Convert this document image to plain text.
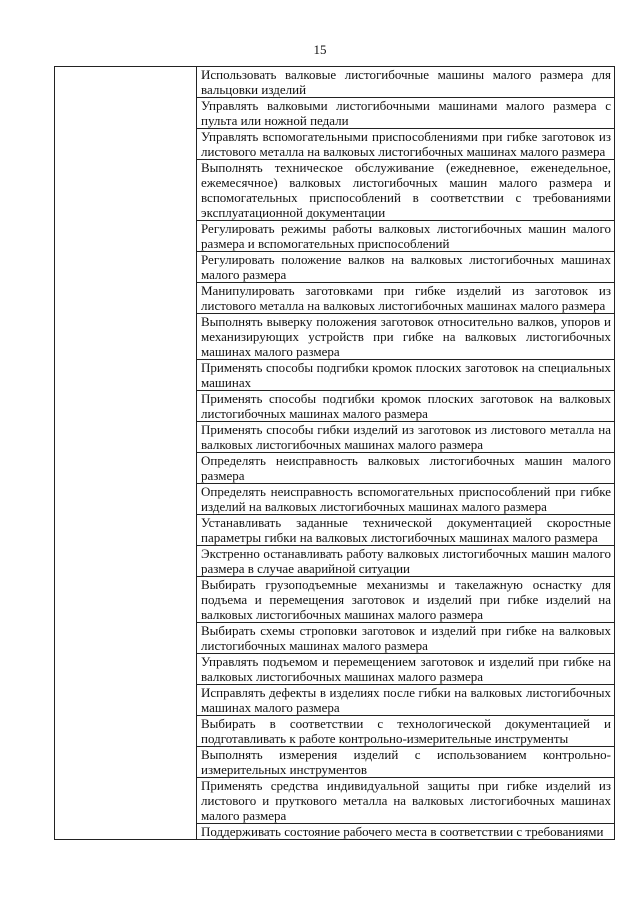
15
	Использовать валковые листогибочные машины малого размера для вальцовки изделий
Управлять валковыми листогибочными машинами малого размера с пульта или ножной педали
Управлять вспомогательными приспособлениями при гибке заготовок из листового металла на валковых листогибочных машинах малого размера
Выполнять техническое обслуживание (ежедневное, еженедельное, ежемесячное) валковых листогибочных машин малого размера и вспомогательных приспособлений в соответствии с требованиями эксплуатационной документации
Регулировать режимы работы валковых листогибочных машин малого размера и вспомогательных приспособлений
Регулировать положение валков на валковых листогибочных машинах малого размера
Манипулировать заготовками при гибке изделий из заготовок из листового металла на валковых листогибочных машинах малого размера
Выполнять выверку положения заготовок относительно валков, упоров и механизирующих устройств при гибке на валковых листогибочных машинах малого размера
Применять способы подгибки кромок плоских заготовок на специальных машинах
Применять способы подгибки кромок плоских заготовок на валковых листогибочных машинах малого размера
Применять способы гибки изделий из заготовок из листового металла на валковых листогибочных машинах малого размера
Определять неисправность валковых листогибочных машин малого размера
Определять неисправность вспомогательных приспособлений при гибке изделий на валковых листогибочных машинах малого размера
Устанавливать заданные технической документацией скоростные параметры гибки на валковых листогибочных машинах малого размера
Экстренно останавливать работу валковых листогибочных машин малого размера в случае аварийной ситуации
Выбирать грузоподъемные механизмы и такелажную оснастку для подъема и перемещения заготовок и изделий при гибке изделий на валковых листогибочных машинах малого размера
Выбирать схемы строповки заготовок и изделий при гибке на валковых листогибочных машинах малого размера
Управлять подъемом и перемещением заготовок и изделий при гибке на валковых листогибочных машинах малого размера
Исправлять дефекты в изделиях после гибки на валковых листогибочных машинах малого размера
Выбирать в соответствии с технологической документацией и подготавливать к работе контрольно-измерительные инструменты
Выполнять измерения изделий с использованием контрольно-измерительных инструментов
Применять средства индивидуальной защиты при гибке изделий из листового и пруткового металла на валковых листогибочных машинах малого размера
Поддерживать состояние рабочего места в соответствии с требованиями
